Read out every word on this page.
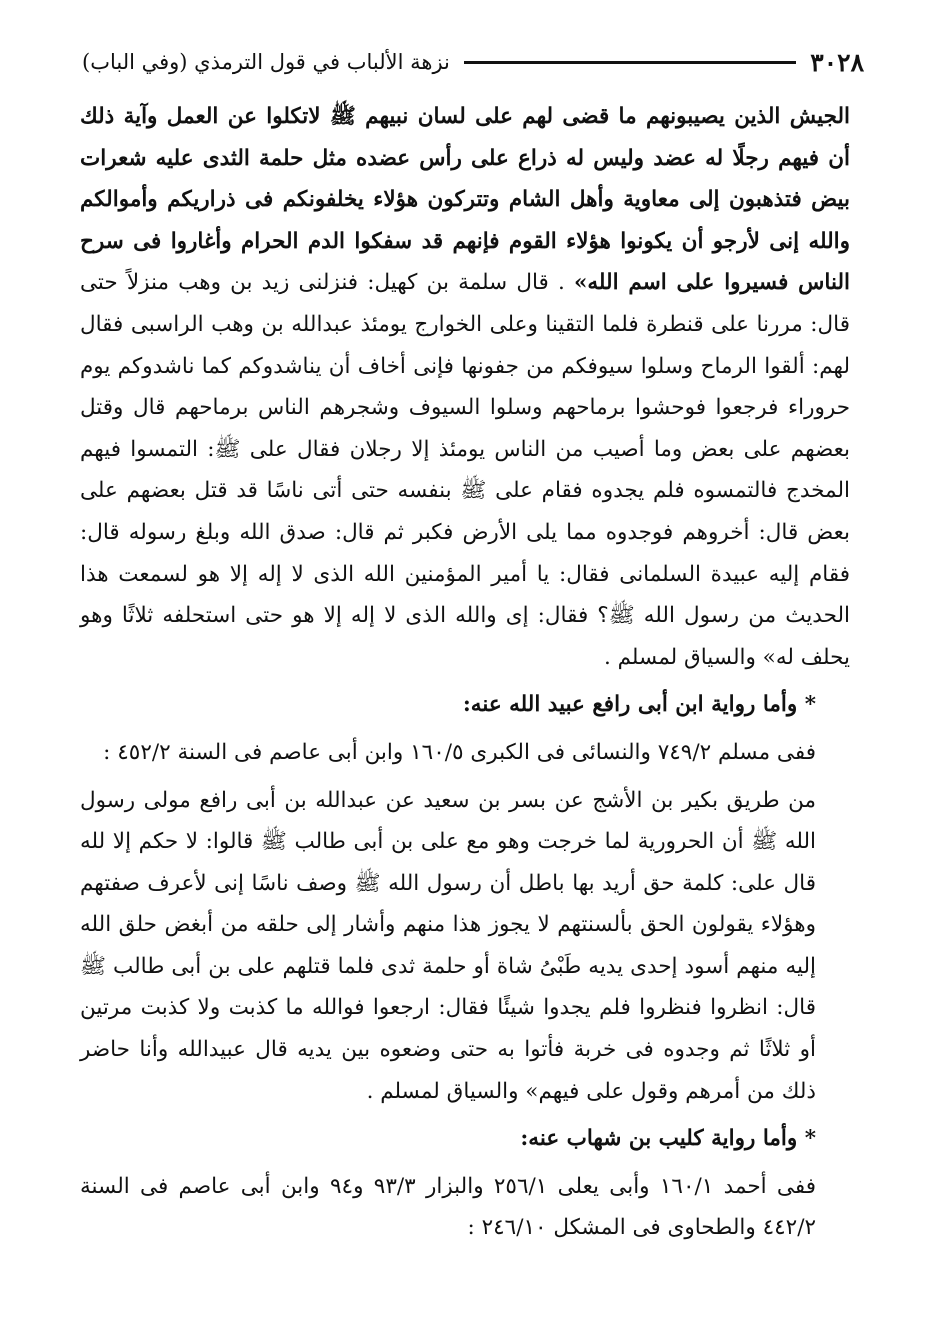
٣٠٢٨
نزهة الألباب في قول الترمذي (وفي الباب)

الجيش الذين يصيبونهم ما قضى لهم على لسان نبيهم ﷺ لاتكلوا عن العمل وآية ذلك أن فيهم رجلًا له عضد وليس له ذراع على رأس عضده مثل حلمة الثدى عليه شعرات بيض فتذهبون إلى معاوية وأهل الشام وتتركون هؤلاء يخلفونكم فى ذراريكم وأموالكم والله إنى لأرجو أن يكونوا هؤلاء القوم فإنهم قد سفكوا الدم الحرام وأغاروا فى سرح الناس فسيروا على اسم الله» . قال سلمة بن كهيل: فنزلنى زيد بن وهب منزلاً حتى قال: مررنا على قنطرة فلما التقينا وعلى الخوارج يومئذ عبدالله بن وهب الراسبى فقال لهم: ألقوا الرماح وسلوا سيوفكم من جفونها فإنى أخاف أن يناشدوكم كما ناشدوكم يوم حروراء فرجعوا فوحشوا برماحهم وسلوا السيوف وشجرهم الناس برماحهم قال وقتل بعضهم على بعض وما أصيب من الناس يومئذ إلا رجلان فقال على ﷺ: التمسوا فيهم المخدج فالتمسوه فلم يجدوه فقام على ﷺ بنفسه حتى أتى ناسًا قد قتل بعضهم على بعض قال: أخروهم فوجدوه مما يلى الأرض فكبر ثم قال: صدق الله وبلغ رسوله قال: فقام إليه عبيدة السلمانى فقال: يا أمير المؤمنين الله الذى لا إله إلا هو لسمعت هذا الحديث من رسول الله ﷺ؟ فقال: إى والله الذى لا إله إلا هو حتى استحلفه ثلاثًا وهو يحلف له» والسياق لمسلم .

* وأما رواية ابن أبى رافع عبيد الله عنه:

ففى مسلم ٧٤٩/٢ والنسائى فى الكبرى ١٦٠/٥ وابن أبى عاصم فى السنة ٤٥٢/٢ :

من طريق بكير بن الأشج عن بسر بن سعيد عن عبدالله بن أبى رافع مولى رسول الله ﷺ أن الحرورية لما خرجت وهو مع على بن أبى طالب ﷺ قالوا: لا حكم إلا لله قال على: كلمة حق أريد بها باطل أن رسول الله ﷺ وصف ناسًا إنى لأعرف صفتهم وهؤلاء يقولون الحق بألسنتهم لا يجوز هذا منهم وأشار إلى حلقه من أبغض حلق الله إليه منهم أسود إحدى يديه طَبْىُ شاة أو حلمة ثدى فلما قتلهم على بن أبى طالب ﷺ قال: انظروا فنظروا فلم يجدوا شيئًا فقال: ارجعوا فوالله ما كذبت ولا كذبت مرتين أو ثلاثًا ثم وجدوه فى خربة فأتوا به حتى وضعوه بين يديه قال عبيدالله وأنا حاضر ذلك من أمرهم وقول على فيهم» والسياق لمسلم .

* وأما رواية كليب بن شهاب عنه:

ففى أحمد ١٦٠/١ وأبى يعلى ٢٥٦/١ والبزار ٩٣/٣ و٩٤ وابن أبى عاصم فى السنة ٤٤٢/٢ والطحاوى فى المشكل ٢٤٦/١٠ :
